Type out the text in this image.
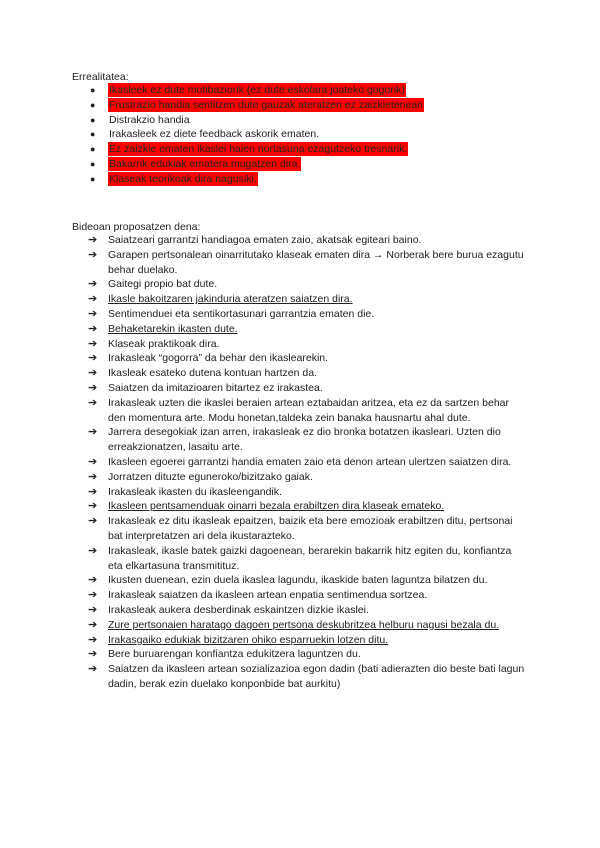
Errealitatea:
● Ikasleek ez dute motibaziorik (ez dute eskolara joateko gogorik)
● Frustrazio handia sentitzen dute gauzak ateratzen ez zaizkietenean
● Distrakzio handia
● Irakasleek ez diete feedback askorik ematen.
● Ez zaizkie ematen ikaslei haien nortasuna ezagutzeko tresnarik.
● Bakarrik edukiak ematera mugatzen dira.
● Klaseak teorikoak dira nagusiki.
Bideoan proposatzen dena:
➔ Saiatzeari garrantzi handiagoa ematen zaio, akatsak egiteari baino.
➔ Garapen pertsonalean oinarritutako klaseak ematen dira → Norberak bere burua ezagutu behar duelako.
➔ Gaitegi propio bat dute.
➔ Ikasle bakoitzaren jakinduria ateratzen saiatzen dira.
➔ Sentimenduei eta sentikortasunari garrantzia ematen die.
➔ Behaketarekin ikasten dute.
➔ Klaseak praktikoak dira.
➔ Irakasleak “gogorra” da behar den ikaslearekin.
➔ Ikasleak esateko dutena kontuan hartzen da.
➔ Saiatzen da imitazioaren bitartez ez irakastea.
➔ Irakasleak uzten die ikaslei beraien artean eztabaidan aritzea, eta ez da sartzen behar den momentura arte. Modu honetan,taldeka zein banaka hausnartu ahal dute.
➔ Jarrera desegokiak izan arren, irakasleak ez dio bronka botatzen ikasleari. Uzten dio erreakzionatzen, lasaitu arte.
➔ Ikasleen egoerei garrantzi handia ematen zaio eta denon artean ulertzen saiatzen dira.
➔ Jorratzen dituzte eguneroko/bizitzako gaiak.
➔ Irakasleak ikasten du ikasleengandik.
➔ Ikasleen pentsamenduak oinarri bezala erabiltzen dira klaseak emateko.
➔ Irakasleak ez ditu ikasleak epaitzen, baizik eta bere emozioak erabiltzen ditu, pertsonai bat interpretatzen ari dela ikustarazteko.
➔ Irakasleak, ikasle batek gaizki dagoenean, berarekin bakarrik hitz egiten du, konfiantza eta elkartasuna transmitituz.
➔ Ikusten duenean, ezin duela ikaslea lagundu, ikaskide baten laguntza bilatzen du.
➔ Irakasleak saiatzen da ikasleen artean enpatia sentimendua sortzea.
➔ Irakasleak aukera desberdinak eskaintzen dizkie ikaslei.
➔ Zure pertsonaien haratago dagoen pertsona deskubritzea helburu nagusi bezala du.
➔ Irakasgaiko edukiak bizitzaren ohiko esparruekin lotzen ditu.
➔ Bere buruarengan konfiantza edukitzera laguntzen du.
➔ Saiatzen da ikasleen artean sozializazioa egon dadin (bati adierazten dio beste bati lagun dadin, berak ezin duelako konponbide bat aurkitu)
